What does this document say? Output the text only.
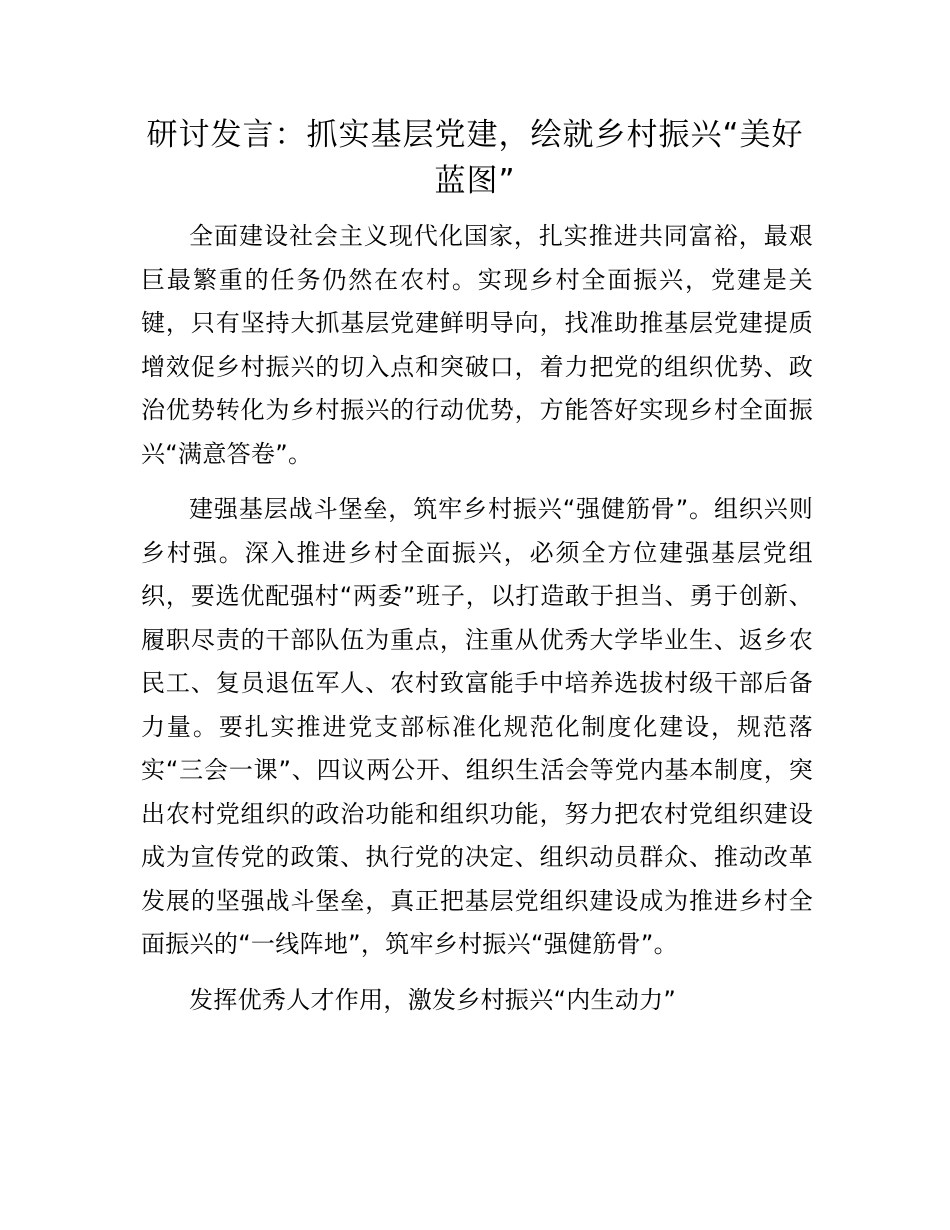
研讨发言：抓实基层党建，绘就乡村振兴“美好蓝图”

全面建设社会主义现代化国家，扎实推进共同富裕，最艰巨最繁重的任务仍然在农村。实现乡村全面振兴，党建是关键，只有坚持大抓基层党建鲜明导向，找准助推基层党建提质增效促乡村振兴的切入点和突破口，着力把党的组织优势、政治优势转化为乡村振兴的行动优势，方能答好实现乡村全面振兴“满意答卷”。

建强基层战斗堡垒，筑牢乡村振兴“强健筋骨”。组织兴则乡村强。深入推进乡村全面振兴，必须全方位建强基层党组织，要选优配强村“两委”班子，以打造敢于担当、勇于创新、履职尽责的干部队伍为重点，注重从优秀大学毕业生、返乡农民工、复员退伍军人、农村致富能手中培养选拔村级干部后备力量。要扎实推进党支部标准化规范化制度化建设，规范落实“三会一课”、四议两公开、组织生活会等党内基本制度，突出农村党组织的政治功能和组织功能，努力把农村党组织建设成为宣传党的政策、执行党的决定、组织动员群众、推动改革发展的坚强战斗堡垒，真正把基层党组织建设成为推进乡村全面振兴的“一线阵地”，筑牢乡村振兴“强健筋骨”。

发挥优秀人才作用，激发乡村振兴“内生动力”
